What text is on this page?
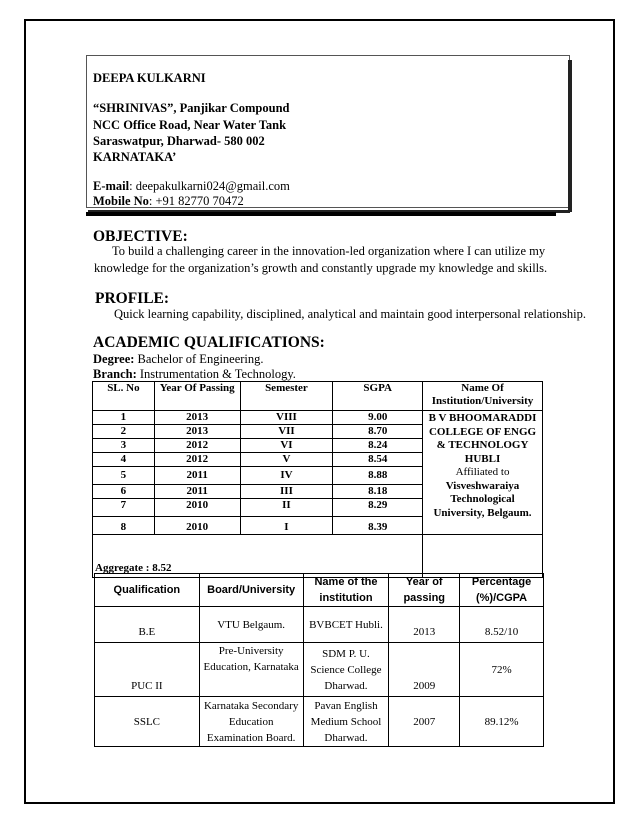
DEEPA KULKARNI
“SHRINIVAS”, Panjikar Compound
NCC Office Road, Near Water Tank
Saraswatpur, Dharwad- 580 002
KARNATAKA’
E-mail: deepakulkarni024@gmail.com
Mobile No: +91 82770 70472
OBJECTIVE:
To build a challenging career in the innovation-led organization where I can utilize my knowledge for the organization’s growth and constantly upgrade my knowledge and skills.
PROFILE:
Quick learning capability, disciplined, analytical and maintain good interpersonal relationship.
ACADEMIC QUALIFICATIONS:
Degree: Bachelor of Engineering.
Branch: Instrumentation & Technology.
SL. No	Year Of Passing	Semester	SGPA	Name Of Institution/University
1	2013	VIII	9.00	B V BHOOMARADDI COLLEGE OF ENGG & TECHNOLOGY HUBLI
Affiliated to
Visveshwaraiya Technological University, Belgaum.

2	2013	VII	8.70	
3	2012	VI	8.24	
4	2012	V	8.54	
5	2011	IV	8.88	
6	2011	III	8.18	
7	2010	II	8.29	
8	2010	I	8.39	
Aggregate : 8.52				
Qualification	Board/University	Name of the institution	Year of passing	Percentage (%)/CGPA
B.E	VTU Belgaum.	BVBCET Hubli.	2013	8.52/10
PUC II	Pre-University Education, Karnataka	SDM P. U. Science College Dharwad.	2009	72%
SSLC	Karnataka Secondary Education Examination Board.	Pavan English Medium School Dharwad.	2007	89.12%
